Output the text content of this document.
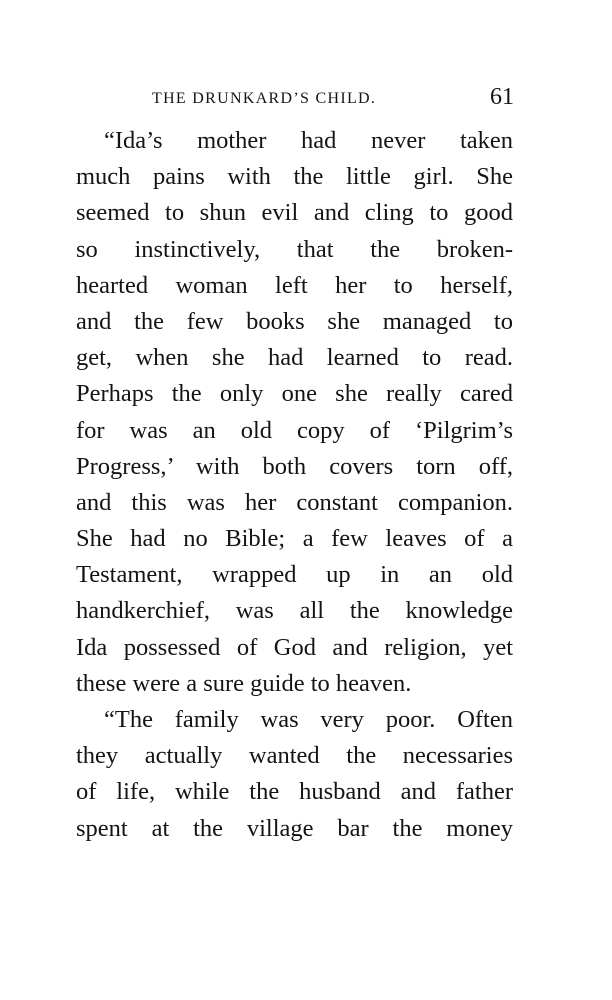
THE DRUNKARD’S CHILD.	61
“Ida’s mother had never taken
much pains with the little girl. She
seemed to shun evil and cling to good
so instinctively, that the broken-
hearted woman left her to herself,
and the few books she managed to
get, when she had learned to read.
Perhaps the only one she really cared
for was an old copy of ‘Pilgrim’s
Progress,’ with both covers torn off,
and this was her constant companion.
She had no Bible; a few leaves of a
Testament, wrapped up in an old
handkerchief, was all the knowledge
Ida possessed of God and religion, yet
these were a sure guide to heaven.
“The family was very poor. Often
they actually wanted the necessaries
of life, while the husband and father
spent at the village bar the money
